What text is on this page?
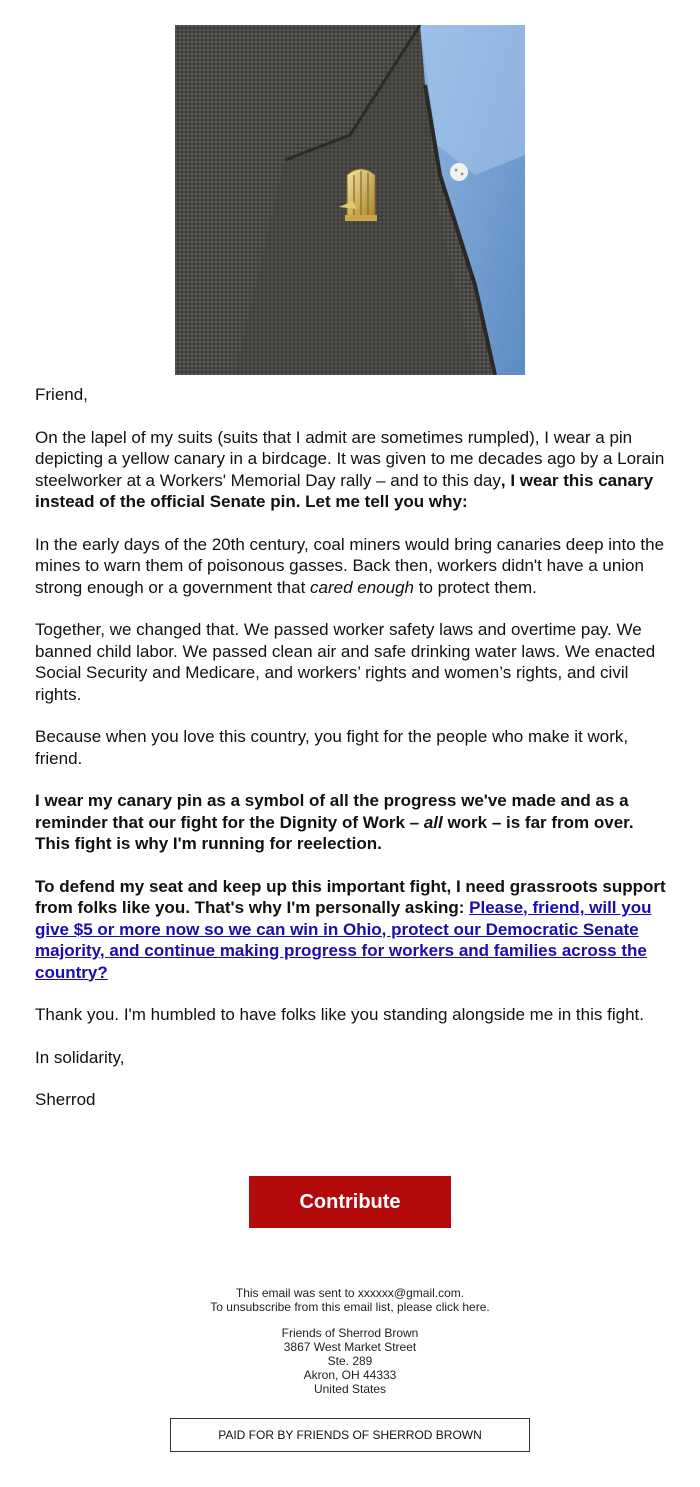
Friend,

On the lapel of my suits (suits that I admit are sometimes rumpled), I wear a pin depicting a yellow canary in a birdcage. It was given to me decades ago by a Lorain steelworker at a Workers' Memorial Day rally – and to this day, I wear this canary instead of the official Senate pin. Let me tell you why:

In the early days of the 20th century, coal miners would bring canaries deep into the mines to warn them of poisonous gasses. Back then, workers didn't have a union strong enough or a government that cared enough to protect them.

Together, we changed that. We passed worker safety laws and overtime pay. We banned child labor. We passed clean air and safe drinking water laws. We enacted Social Security and Medicare, and workers’ rights and women’s rights, and civil rights.

Because when you love this country, you fight for the people who make it work, friend.

I wear my canary pin as a symbol of all the progress we've made and as a reminder that our fight for the Dignity of Work – all work – is far from over. This fight is why I'm running for reelection.

To defend my seat and keep up this important fight, I need grassroots support from folks like you. That's why I'm personally asking: Please, friend, will you give $5 or more now so we can win in Ohio, protect our Democratic Senate majority, and continue making progress for workers and families across the country?

Thank you. I'm humbled to have folks like you standing alongside me in this fight.

In solidarity,

Sherrod

Contribute
This email was sent to xxxxxx@gmail.com.
To unsubscribe from this email list, please click here.
Friends of Sherrod Brown
3867 West Market Street
Ste. 289
Akron, OH 44333
United States
PAID FOR BY FRIENDS OF SHERROD BROWN
